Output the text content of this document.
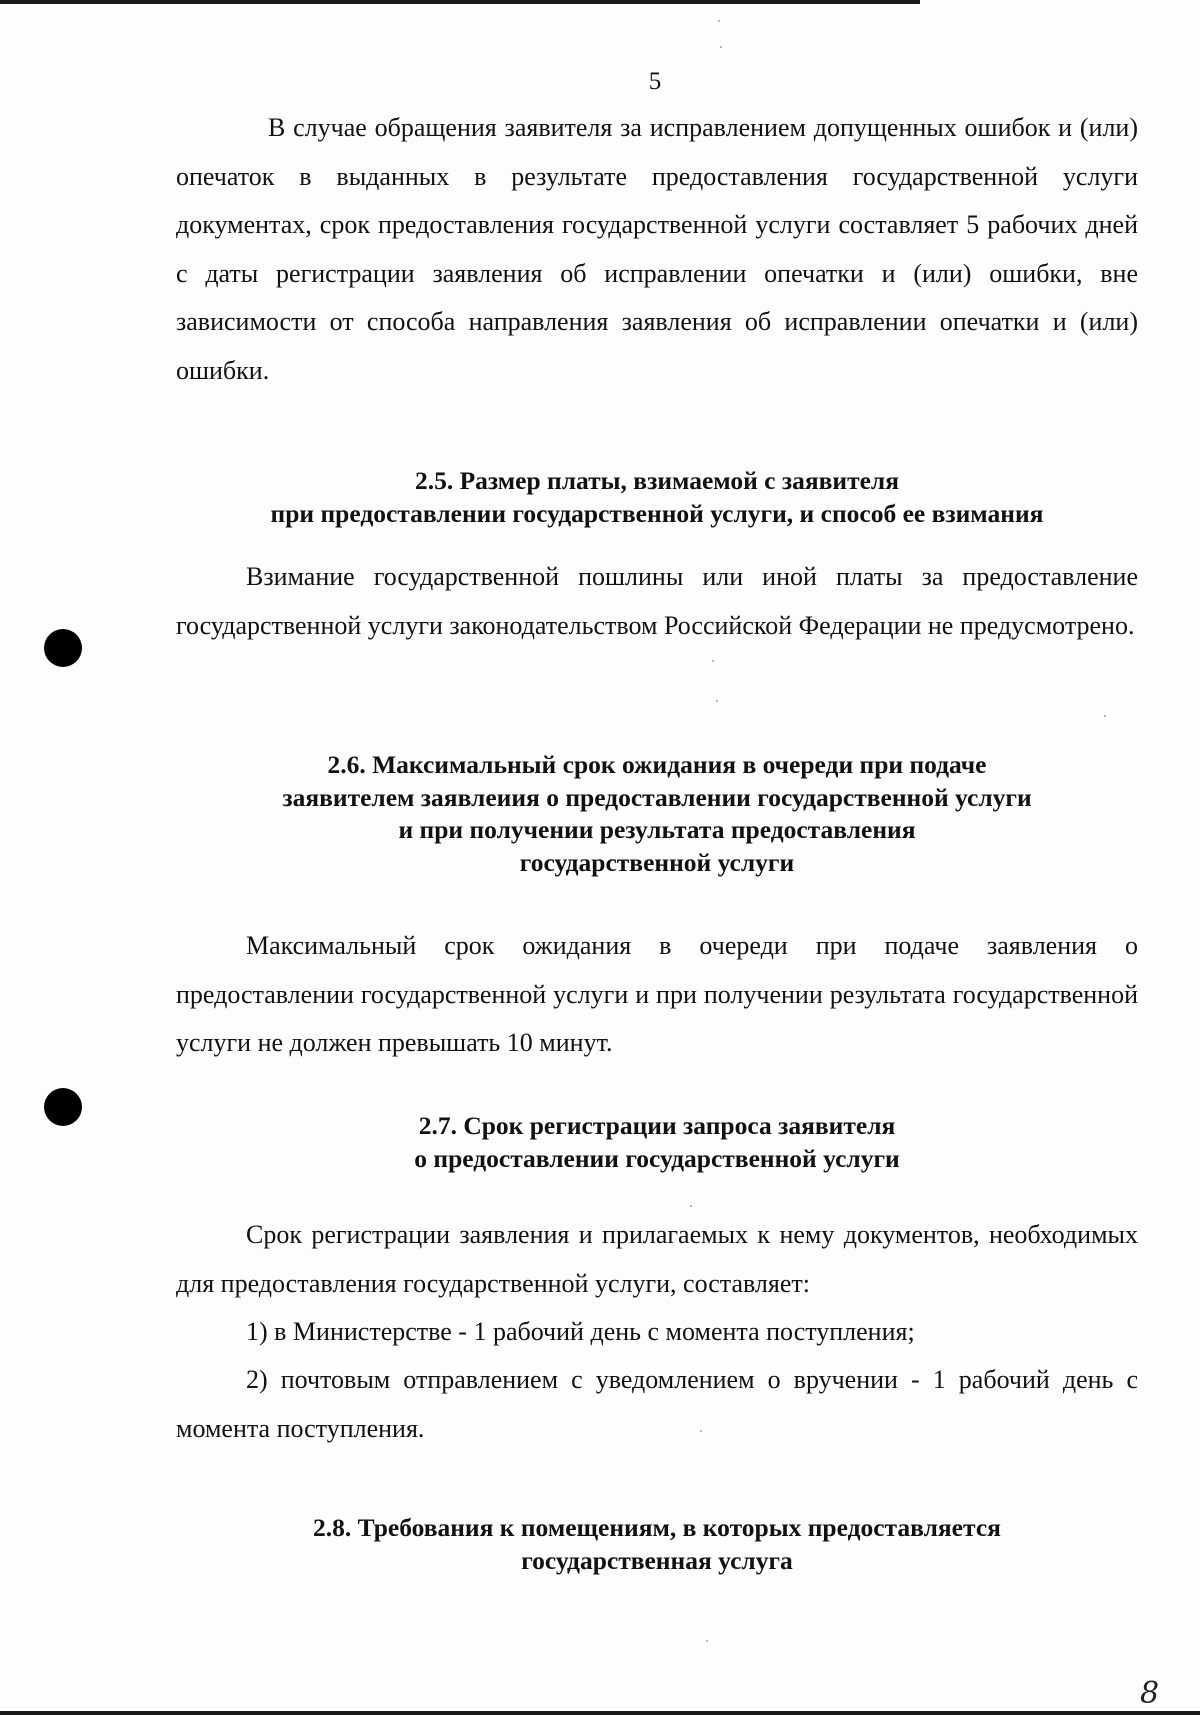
5

В случае обращения заявителя за исправлением допущенных ошибок и (или) опечаток в выданных в результате предоставления государственной услуги документах, срок предоставления государственной услуги составляет 5 рабочих дней с даты регистрации заявления об исправлении опечатки и (или) ошибки, вне зависимости от способа направления заявления об исправлении опечатки и (или) ошибки.

2.5. Размер платы, взимаемой с заявителя
при предоставлении государственной услуги, и способ ее взимания

Взимание государственной пошлины или иной платы за предоставление государственной услуги законодательством Российской Федерации не предусмотрено.

2.6. Максимальный срок ожидания в очереди при подаче
заявителем заявлеиия о предоставлении государственной услуги
и при получении результата предоставления
государственной услуги

Максимальный срок ожидания в очереди при подаче заявления о предоставлении государственной услуги и при получении результата государственной услуги не должен превышать 10 минут.

2.7. Срок регистрации запроса заявителя
о предоставлении государственной услуги

Срок регистрации заявления и прилагаемых к нему документов, необходимых для предоставления государственной услуги, составляет:

1) в Министерстве - 1 рабочий день с момента поступления;

2) почтовым отправлением с уведомлением о вручении - 1 рабочий день с момента поступления.

2.8. Требования к помещениям, в которых предоставляется
государственная услуга
8
